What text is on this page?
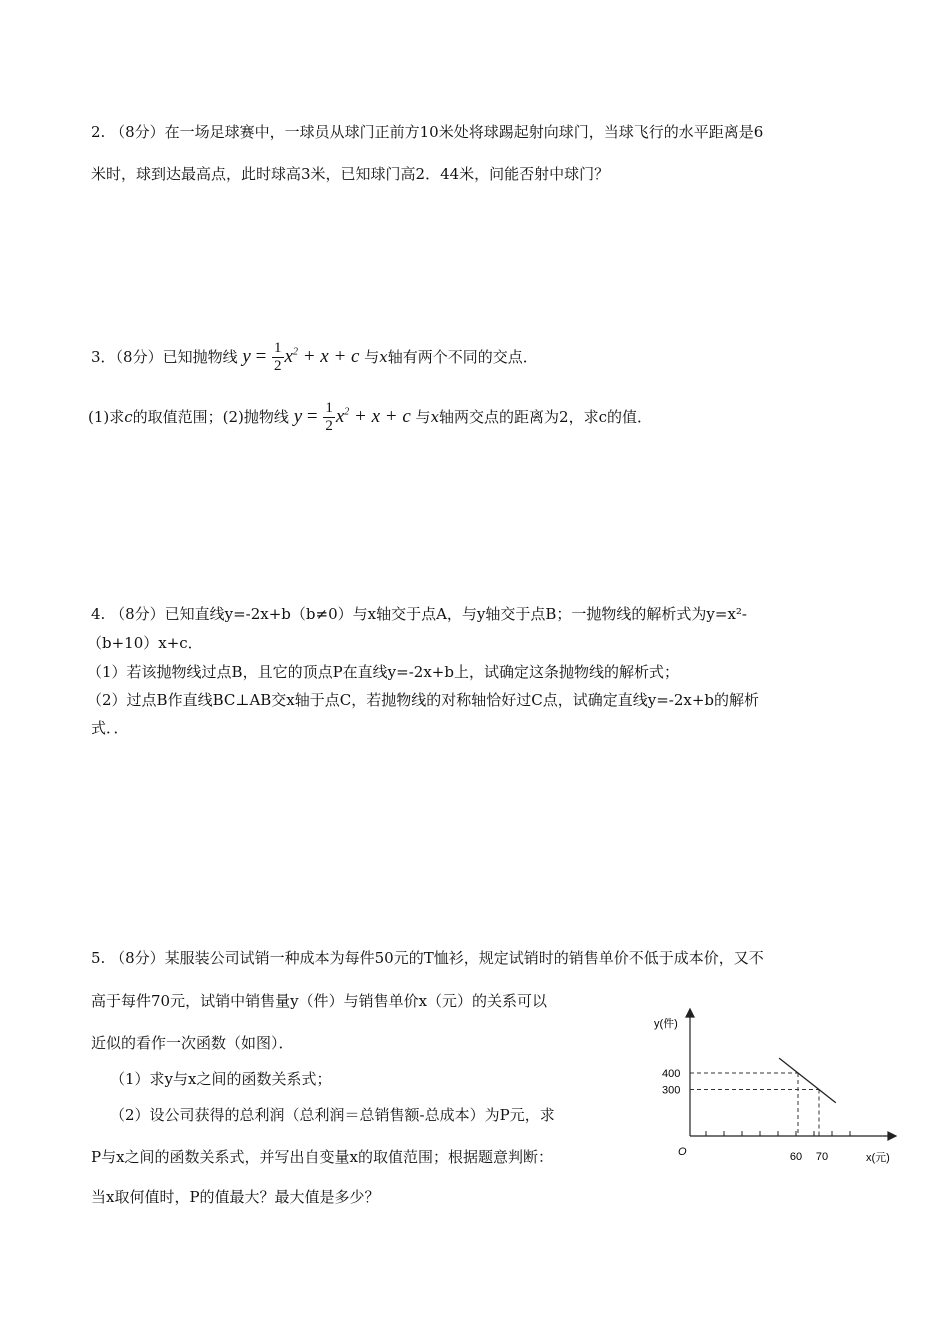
2. （8分）在一场足球赛中，一球员从球门正前方10米处将球踢起射向球门，当球飞行的水平距离是6
米时，球到达最高点，此时球高3米，已知球门高2．44米，问能否射中球门？
3．（8分）已知抛物线 $y = \frac{1}{2} x^2 + x + c$ 与x轴有两个不同的交点．
(1)求c的取值范围；(2)抛物线 $y = \frac{1}{2} x^2 + x + c$ 与x轴两交点的距离为2，求c的值．
4. （8分）已知直线y=-2x+b（b≠0）与x轴交于点A，与y轴交于点B；一抛物线的解析式为y=x²-
（b+10）x+c．
（1）若该抛物线过点B，且它的顶点P在直线y=-2x+b上，试确定这条抛物线的解析式；
（2）过点B作直线BC⊥AB交x轴于点C，若抛物线的对称轴恰好过C点，试确定直线y=-2x+b的解析
式．．
5. （8分）某服装公司试销一种成本为每件50元的T恤衫，规定试销时的销售单价不低于成本价，又不
高于每件70元，试销中销售量y（件）与销售单价x（元）的关系可以
近似的看作一次函数（如图）．
（1）求y与x之间的函数关系式；
（2）设公司获得的总利润（总利润＝总销售额-总成本）为P元，求
P与x之间的函数关系式，并写出自变量x的取值范围；根据题意判断：
当x取何值时，P的值最大？最大值是多少？
y(件)
x(元)
O
400
300
60 70
